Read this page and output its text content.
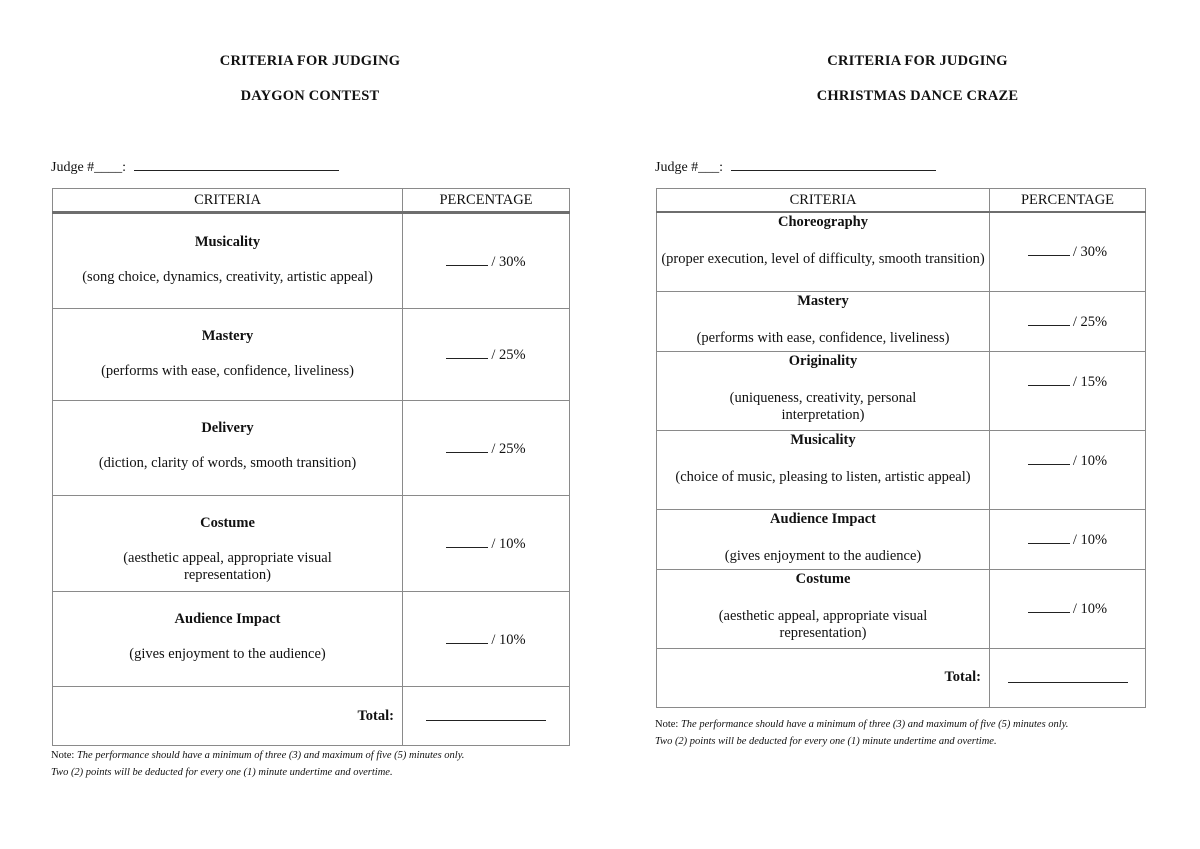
CRITERIA FOR JUDGING
DAYGON CONTEST
Judge #____:
CRITERIA	PERCENTAGE

Musicality
(song choice, dynamics, creativity, artistic appeal)	/ 30%

Mastery
(performs with ease, confidence, liveliness)	/ 25%

Delivery
(diction, clarity of words, smooth transition)	/ 25%

Costume
(aesthetic appeal, appropriate visual representation)	/ 10%

Audience Impact
(gives enjoyment to the audience)	/ 10%
Total:	
Note: The performance should have a minimum of three (3) and maximum of five (5) minutes only.
Two (2) points will be deducted for every one (1) minute undertime and overtime.
CRITERIA FOR JUDGING
CHRISTMAS DANCE CRAZE
Judge #___:
CRITERIA	PERCENTAGE

Choreography
(proper execution, level of difficulty, smooth transition)	/ 30%

Mastery
(performs with ease, confidence, liveliness)	/ 25%

Originality
(uniqueness, creativity, personal interpretation)	/ 15%

Musicality
(choice of music, pleasing to listen, artistic appeal)	/ 10%

Audience Impact
(gives enjoyment to the audience)	/ 10%

Costume
(aesthetic appeal, appropriate visual representation)	/ 10%
Total:	
Note: The performance should have a minimum of three (3) and maximum of five (5) minutes only.
Two (2) points will be deducted for every one (1) minute undertime and overtime.
